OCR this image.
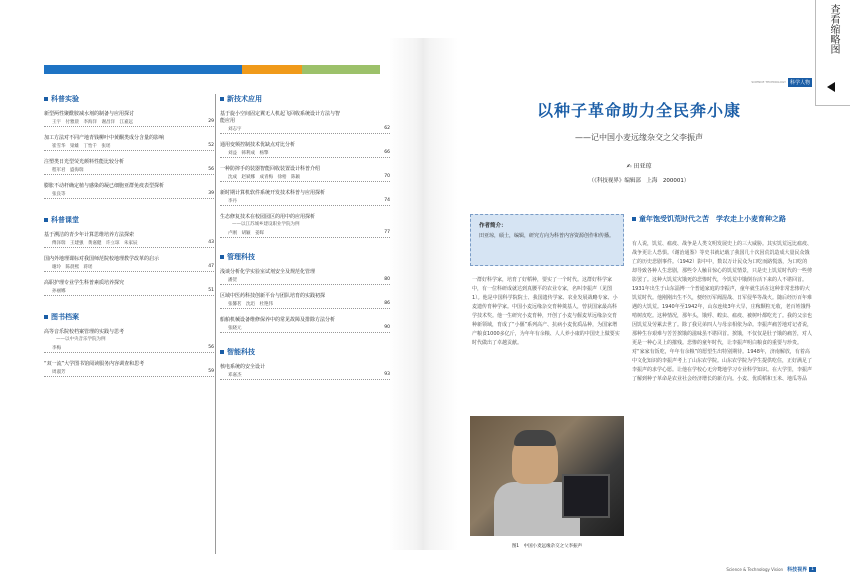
科普实验
新型两性聚酰胺减水剂的制备与应用探讨
王宇　付雅晨　李海洋　谢昌洋　江嘉远	29
加工方法对不同产地青钱柳叶中黄酮类成分含量的影响
崔雪华　梁雄　丁怡千　张瑶	52
注塑类日光型荧光颜料性能比较分析
程军君　盛海瑞	56
膨胀不动杆确定植与感染的凝已细胞亚群免疫表型探析
张良等	39
科普课堂
基于溯洁的青少年计算思维培养方法探索
傅泽瑞　王建强　黄嘉健　许立琼　朱家辰	43
国内外地理课标对我国师范院校地理教学改革的启示
谢玲　陈晨熙　蒋瑶	47
高职护理专业学生科普素质培养探究
孙丽娜	51
图书档案
高等音乐院校档案管理的实践与思考
——以中央音乐学院为例
李梅	56
“双一流”大学图书馆阅读服务内容调查和思考
周淑芳	59
新技术应用
基于旋小空间固定翼无人机起飞回收系统设计方法与智
能应用
刘志宇	62
通用变频控制技术优缺点对比分析
刘益　韩利成　杨擎	66
一种防摔手的装器智能回收装置设计科普介绍
沈成　赵斌娜　成青梅　徐梧　陈颖	70
新时期计算机软件系统开发技术科普与应用探析
李丹	74
生态修复技术在校园园区的用中的应用探析
——以江苏城乡建设职业学院为例
卢刚　胡颖　姜晖	77
管理科技
浅谈分析化学实验室试剂安全及规范化管理
潘贺	80
区域中医药科技创新平台与团队培育的实践初探
张馨茗　沈迅　杜艳伟	86
船舶机械设备维修保养中的常见故障及排除方法分析
张晓元	90
智能科技
核电系统的安全设计
邓嘉杰	93
SCIENCE TECHNOLOGY 科学人物
以种子革命助力全民奔小康
——记中国小麦远缘杂交之父李振声
✍ 田亚琼
（《科技视界》编辑部　上海　200001）
作者简介：
田亚琼，硕士，编辑，研究方向为科普内容资源创作和传播。
一群好科学家，培育了好稻种，要实了一个时代。这群好科学家中，有一位科研成就达到真腰平的农业专家，名叫李振声（见图1）。他是中国科学院院士、我国遗传学家、农业发展战略专家、小麦遗传育种学家。中国小麦远缘杂交育种奠基人，曾获国家最高科学技术奖。他一生研究小麦育种，开创了小麦与偃麦草远缘杂交育种新领域，育成了“小偃”系列高产、抗病小麦优质品种，为国家增产粮食1000多亿斤，为年年有余粮、人人养小康的中国史上做要实时代做出了卓越贡献。
图1　中国小麦远缘杂交之父李振声
童年饱受饥荒时代之苦　学农走上小麦育种之路
有人说，饥荒、瘟疫、战争是人类文明发展史上的三大威胁。其实饥荒远比瘟疫、战争更让人恐惧。《谢治通鉴》等史书就记载了我国几十次因荒饥造成大量民众饿亡的历史悲剧事件。（1942）影中中，数以万计民众为口吃而路慌落，为口吃的却导致各种人生悲剧，那些令人触目惊心的饥荒情景，只是史上饥荒时代的一些剪影罢了。这种大饥荒灾饿死的悲惨时代，今饥荒中饿倒存活下来的人不堪回首。1931年出生于山东淄博一个普通家庭的李振声，童年就生活在这种非常悲惨的大饥荒时代。他刚刚出生不久，便经历军阀混战、日军侵华等战火。随后经历百年难遇的大饥荒。1940年至1942年，山东连续3年大旱，庄稼颗粒无收，老百姓饿得啃树皮吃。这种情况，那年头，饿殍、蝗虫、瘟疫、被树叶都吃光了。我的父亲也因饥荒及劳累去世了。除了我兄弟四人与母亲相依为命。李振声痛苦地对记者说，那种生存艰难与苦苦挨饿的滋味虽不堪回首。挨饿，不仅仅是肚子饿的痛苦，对人更是一种心灵上的摧残。悲惨的童年时代，让李振声明白粮食的重要与珍贵。对“家家有饭吃，年年有余粮”的愿望生出特别期待。1948年，济南解放，有着高中文化知识的李振声考上了山东农学院。山东农学院为学生提供吃住，正好满足了李振声的求学心愿。让他在学校心无旁鹜地学习专业科学知识。在大学里，李振声了解到种子革命是农业社会经济增长的新方向。小麦、优质稻和玉米、地瓜等品
Science & Technology Vision 科技视界 1
查看缩略图
